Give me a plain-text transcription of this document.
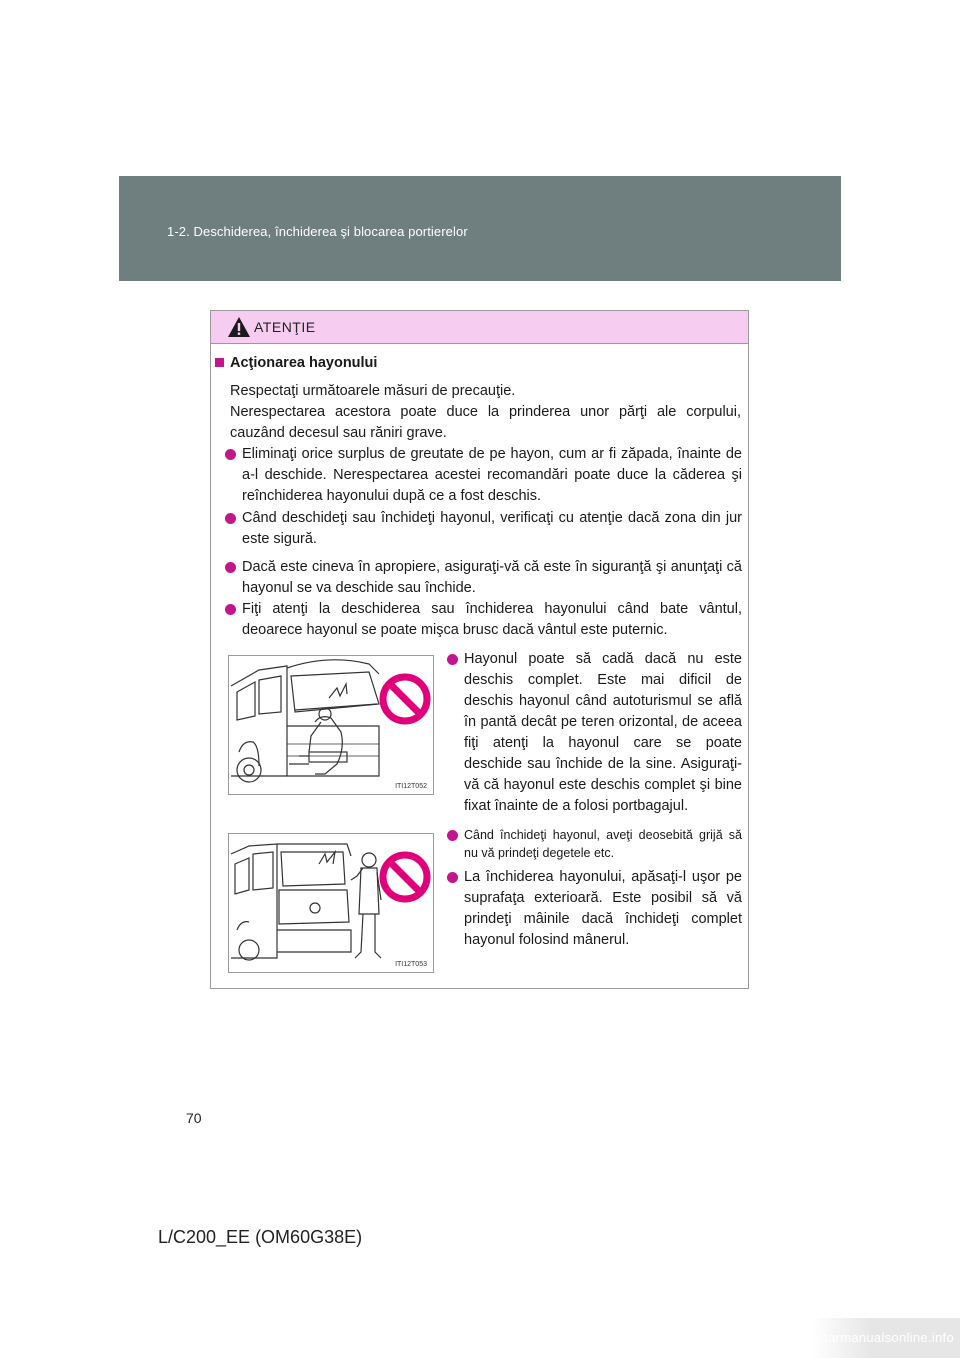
1-2. Deschiderea, închiderea şi blocarea portierelor
ATENŢIE
Acţionarea hayonului
Respectaţi următoarele măsuri de precauţie.
Nerespectarea acestora poate duce la prinderea unor părţi ale corpului, cauzând decesul sau răniri grave.
Eliminaţi orice surplus de greutate de pe hayon, cum ar fi zăpada, înainte de a-l deschide. Nerespectarea acestei recomandări poate duce la căderea şi reînchiderea hayonului după ce a fost deschis.
Când deschideţi sau închideţi hayonul, verificaţi cu atenţie dacă zona din jur este sigură.
Dacă este cineva în apropiere, asiguraţi-vă că este în siguranţă şi anunţaţi că hayonul se va deschide sau închide.
Fiţi atenţi la deschiderea sau închiderea hayonului când bate vântul, deoarece hayonul se poate mişca brusc dacă vântul este puternic.
ITI12T052
ITI12T053
Hayonul poate să cadă dacă nu este deschis complet. Este mai dificil de deschis hayonul când autoturismul se află în pantă decât pe teren orizontal, de aceea fiţi atenţi la hayonul care se poate deschide sau închide de la sine. Asiguraţi-vă că hayonul este deschis complet şi bine fixat înainte de a folosi portbagajul.
Când închideţi hayonul, aveţi deosebită grijă să nu vă prindeţi degetele etc.
La închiderea hayonului, apăsaţi-l uşor pe suprafaţa exterioară. Este posibil să vă prindeţi mâinile dacă închideţi complet hayonul folosind mânerul.
70
L/C200_EE (OM60G38E)
carmanualsonline.info
